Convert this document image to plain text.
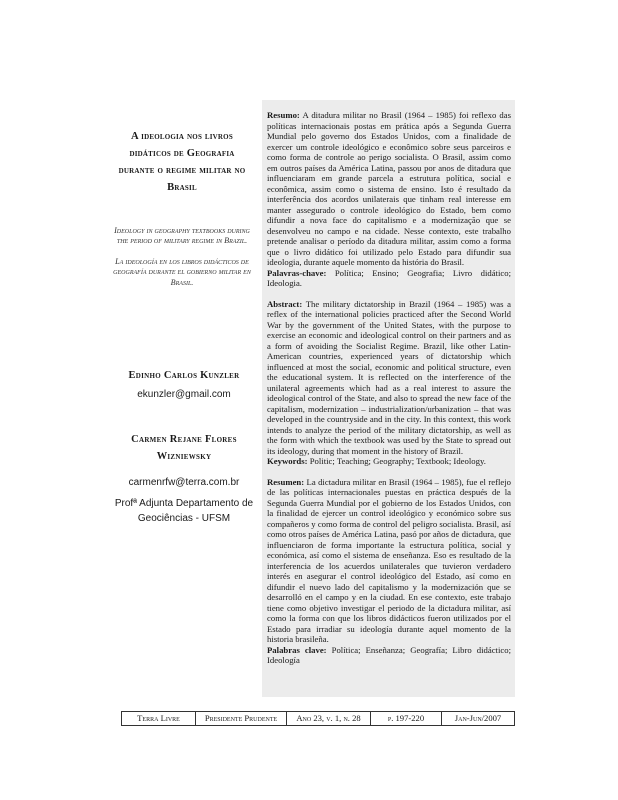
A ideologia nos livros didáticos de Geografia durante o regime militar no Brasil
Ideology in geography textbooks during the period of military regime in Brazil.
La ideología en los libros didácticos de geografía durante el gobierno militar en Brasil.
Edinho Carlos Kunzler
ekunzler@gmail.com
Carmen Rejane Flores Wizniewsky
carmenrfw@terra.com.br
Profª Adjunta Departamento de Geociências - UFSM

Resumo: A ditadura militar no Brasil (1964 – 1985) foi reflexo das políticas internacionais postas em prática após a Segunda Guerra Mundial pelo governo dos Estados Unidos, com a finalidade de exercer um controle ideológico e econômico sobre seus parceiros e como forma de controle ao perigo socialista. O Brasil, assim como em outros países da América Latina, passou por anos de ditadura que influenciaram em grande parcela a estrutura política, social e econômica, assim como o sistema de ensino. Isto é resultado da interferência dos acordos unilaterais que tinham real interesse em manter assegurado o controle ideológico do Estado, bem como difundir a nova face do capitalismo e a modernização que se desenvolveu no campo e na cidade. Nesse contexto, este trabalho pretende analisar o período da ditadura militar, assim como a forma que o livro didático foi utilizado pelo Estado para difundir sua ideologia, durante aquele momento da história do Brasil.
Palavras-chave: Política; Ensino; Geografia; Livro didático; Ideologia.

Abstract: The military dictatorship in Brazil (1964 – 1985) was a reflex of the international policies practiced after the Second World War by the government of the United States, with the purpose to exercise an economic and ideological control on their partners and as a form of avoiding the Socialist Regime. Brazil, like other Latin-American countries, experienced years of dictatorship which influenced at most the social, economic and political structure, even the educational system. It is reflected on the interference of the unilateral agreements which had as a real interest to assure the ideological control of the State, and also to spread the new face of the capitalism, modernization – industrialization/urbanization – that was developed in the countryside and in the city. In this context, this work intends to analyze the period of the military dictatorship, as well as the form with which the textbook was used by the State to spread out its ideology, during that moment in the history of Brazil.
Keywords: Politic; Teaching; Geography; Textbook; Ideology.

Resumen: La dictadura militar en Brasil (1964 – 1985), fue el reflejo de las políticas internacionales puestas en práctica después de la Segunda Guerra Mundial por el gobierno de los Estados Unidos, con la finalidad de ejercer un control ideológico y económico sobre sus compañeros y como forma de control del peligro socialista. Brasil, así como otros países de América Latina, pasó por años de dictadura, que influenciaron de forma importante la estructura política, social y económica, así como el sistema de enseñanza. Eso es resultado de la interferencia de los acuerdos unilaterales que tuvieron verdadero interés en asegurar el control ideológico del Estado, así como en difundir el nuevo lado del capitalismo y la modernización que se desarrolló en el campo y en la ciudad. En ese contexto, este trabajo tiene como objetivo investigar el periodo de la dictadura militar, así como la forma con que los libros didácticos fueron utilizados por el Estado para irradiar su ideología durante aquel momento de la historia brasileña.
Palabras clave: Política; Enseñanza; Geografía; Libro didáctico; Ideología

Terra Livre	Presidente Prudente	Ano 23, v. 1, n. 28	p. 197-220	Jan-Jun/2007
